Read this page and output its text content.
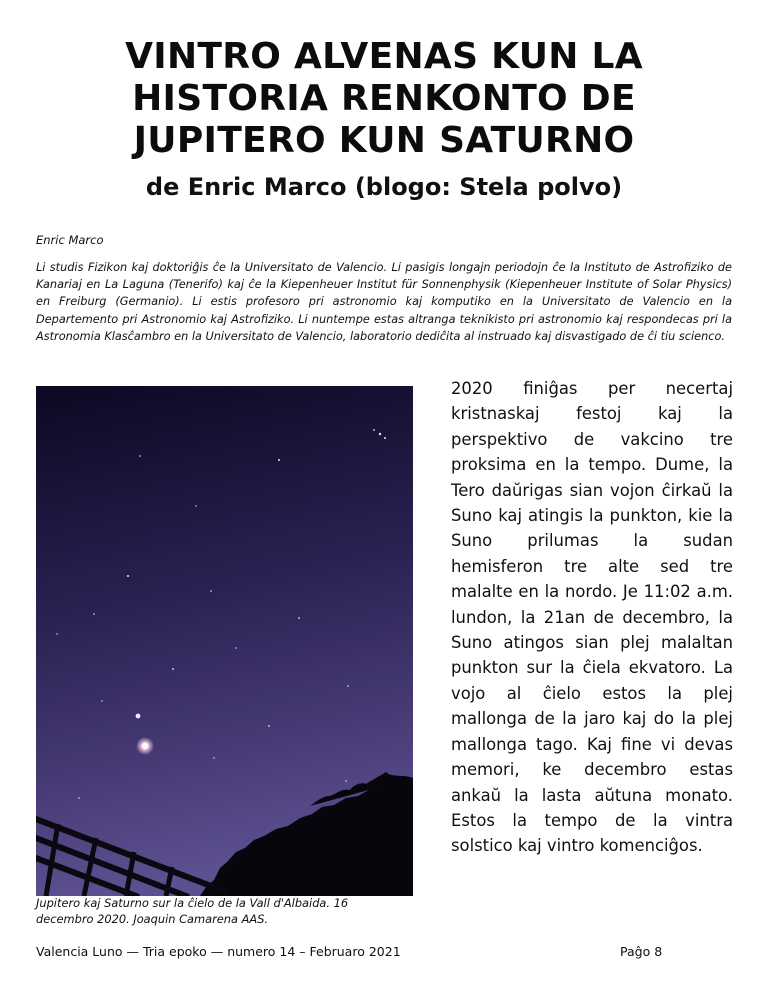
VINTRO ALVENAS KUN LA
HISTORIA RENKONTO DE
JUPITERO KUN SATURNO
de Enric Marco (blogo: Stela polvo)
Enric Marco
Li studis Fizikon kaj doktoriĝis ĉe la Universitato de Valencio. Li pasigis longajn periodojn ĉe la Instituto de Astrofiziko de Kanariaj en La Laguna (Tenerifo) kaj ĉe la Kiepenheuer Institut für Sonnenphysik (Kiepenheuer Institute of Solar Physics) en Freiburg (Germanio). Li estis profesoro pri astronomio kaj komputiko en la Universitato de Valencio en la Departemento pri Astronomio kaj Astrofiziko. Li nuntempe estas altranga teknikisto pri astronomio kaj respondecas pri la Astronomia Klasĉambro en la Universitato de Valencio, laboratorio dediĉita al instruado kaj disvastigado de ĉi tiu scienco.
Jupitero kaj Saturno sur la ĉielo de la Vall d'Albaida. 16 decembro 2020. Joaquin Camarena AAS.
2020 finiĝas per necertaj kristnaskaj festoj kaj la perspektivo de vakcino tre proksima en la tempo. Dume, la Tero daŭrigas sian vojon ĉirkaŭ la Suno kaj atingis la punkton, kie la Suno prilumas la sudan hemisferon tre alte sed tre malalte en la nordo. Je 11:02 a.m. lundon, la 21an de decembro, la Suno atingos sian plej malaltan punkton sur la ĉiela ekvatoro. La vojo al ĉielo estos la plej mallonga de la jaro kaj do la plej mallonga tago. Kaj fine vi devas memori, ke decembro estas ankaŭ la lasta aŭtuna monato. Estos la tempo de la vintra solstico kaj vintro komenciĝos.
Valencia Luno — Tria epoko — numero 14 – Februaro 2021	Paĝo 8
